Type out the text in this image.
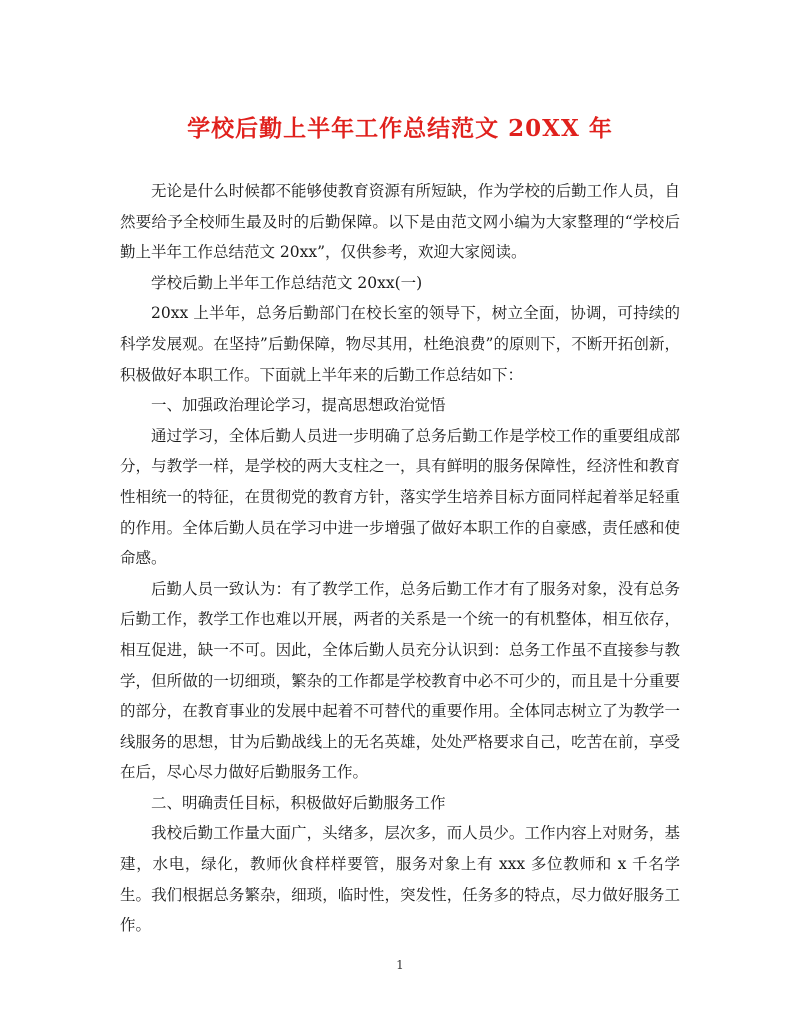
学校后勤上半年工作总结范文 20XX 年

无论是什么时候都不能够使教育资源有所短缺，作为学校的后勤工作人员，自然要给予全校师生最及时的后勤保障。以下是由范文网小编为大家整理的“学校后勤上半年工作总结范文 20xx”，仅供参考，欢迎大家阅读。

学校后勤上半年工作总结范文 20xx(一)

20xx 上半年，总务后勤部门在校长室的领导下，树立全面，协调，可持续的科学发展观。在坚持”后勤保障，物尽其用，杜绝浪费”的原则下，不断开拓创新，积极做好本职工作。下面就上半年来的后勤工作总结如下：

一、加强政治理论学习，提高思想政治觉悟

通过学习，全体后勤人员进一步明确了总务后勤工作是学校工作的重要组成部分，与教学一样，是学校的两大支柱之一，具有鲜明的服务保障性，经济性和教育性相统一的特征，在贯彻党的教育方针，落实学生培养目标方面同样起着举足轻重的作用。全体后勤人员在学习中进一步增强了做好本职工作的自豪感，责任感和使命感。

后勤人员一致认为：有了教学工作，总务后勤工作才有了服务对象，没有总务后勤工作，教学工作也难以开展，两者的关系是一个统一的有机整体，相互依存，相互促进，缺一不可。因此，全体后勤人员充分认识到：总务工作虽不直接参与教学，但所做的一切细琐，繁杂的工作都是学校教育中必不可少的，而且是十分重要的部分，在教育事业的发展中起着不可替代的重要作用。全体同志树立了为教学一线服务的思想，甘为后勤战线上的无名英雄，处处严格要求自己，吃苦在前，享受在后，尽心尽力做好后勤服务工作。

二、明确责任目标，积极做好后勤服务工作

我校后勤工作量大面广，头绪多，层次多，而人员少。工作内容上对财务，基建，水电，绿化，教师伙食样样要管，服务对象上有 xxx 多位教师和 x 千名学生。我们根据总务繁杂，细琐，临时性，突发性，任务多的特点，尽力做好服务工作。

1
